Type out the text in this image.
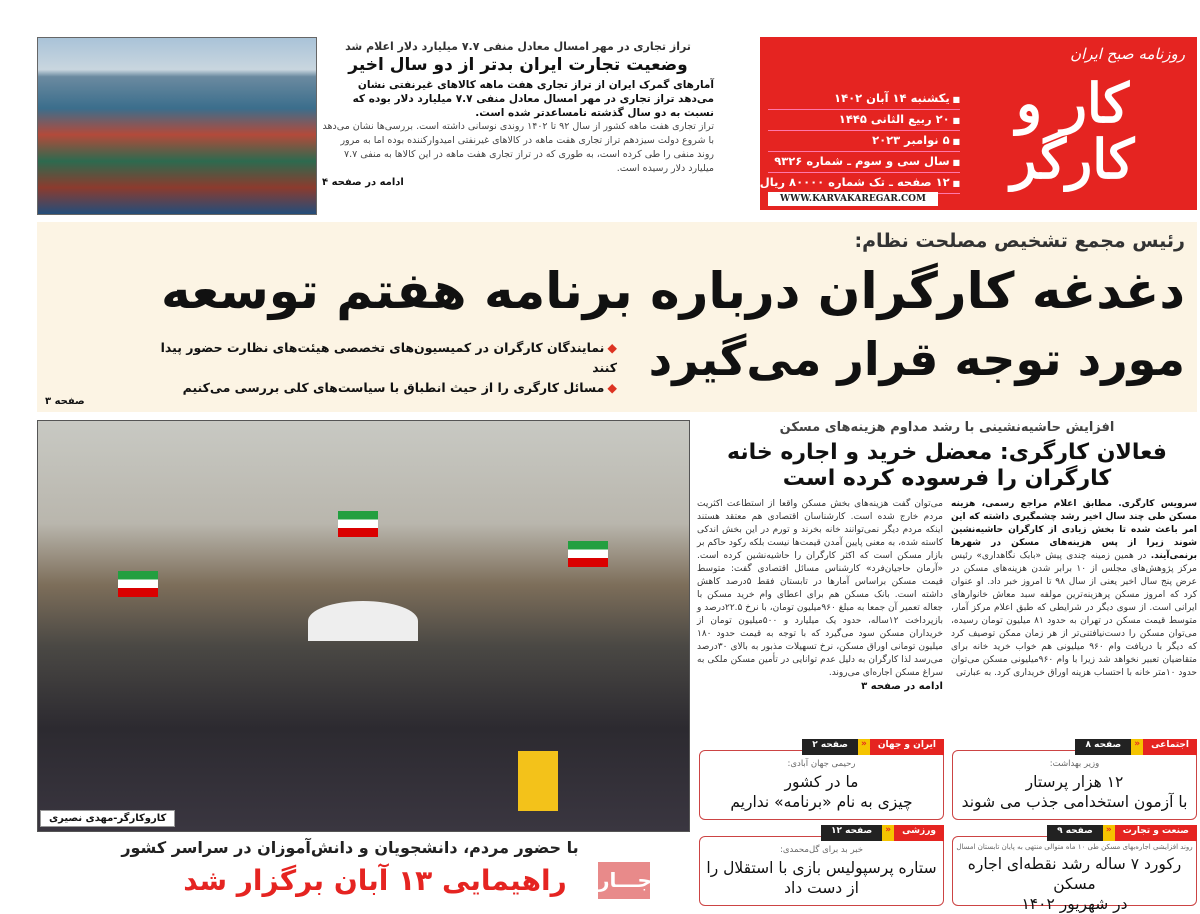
تراز تجاری در مهر امسال معادل منفی ۷.۷ میلیارد دلار اعلام شد
وضعیت تجارت ایران بدتر از دو سال اخیر
آمارهای گمرک ایران از تراز تجاری هفت ماهه کالاهای غیرنفتی نشان می‌دهد تراز تجاری در مهر امسال معادل منفی ۷.۷ میلیارد دلار بوده که نسبت به دو سال گذشته نامساعدتر شده است.
تراز تجاری هفت ماهه کشور از سال ۹۲ تا ۱۴۰۲ روندی نوسانی داشته است. بررسی‌ها نشان می‌دهد با شروع دولت سیزدهم تراز تجاری هفت ماهه در کالاهای غیرنفتی امیدوارکننده بوده اما به مرور روند منفی را طی کرده است، به طوری که در تراز تجاری هفت ماهه در این کالاها به منفی ۷.۷ میلیارد دلار رسیده است.
ادامه در صفحه ۴
روزنامه صبح ایران
کار و کارگر
■ یکشنبه ۱۴ آبان ۱۴۰۲
■ ۲۰ ربیع الثانی ۱۴۴۵
■ ۵ نوامبر ۲۰۲۳
■ سال سی و سوم ـ شماره ۹۳۲۶
■ ۱۲ صفحه ـ تک شماره ۸۰۰۰۰ ریال
WWW.KARVAKAREGAR.COM
رئیس مجمع تشخیص مصلحت نظام:
دغدغه کارگران درباره برنامه هفتم توسعه
مورد توجه قرار می‌گیرد
◆نمایندگان کارگران در کمیسیون‌های تخصصی هیئت‌های نظارت حضور پیدا کنند
◆مسائل کارگری را از حیث انطباق با سیاست‌های کلی بررسی می‌کنیم
صفحه ۳
کاروکارگر-مهدی نصیری
با حضور مردم، دانشجویان و دانش‌آموزان در سراسر کشور
راهیمایی ۱۳ آبان برگزار شد	جـــار
افزایش حاشیه‌نشینی با رشد مداوم هزینه‌های مسکن
فعالان کارگری: معضل خرید و اجاره خانه
کارگران را فرسوده کرده است
سرویس کارگری. مطابق اعلام مراجع رسمی، هزینه مسکن طی چند سال اخیر رشد چشمگیری داشته که این امر باعث شده تا بخش زیادی از کارگران حاشیه‌نشین شوند زیرا از پس هزینه‌های مسکن در شهرها برنمی‌آیند. در همین زمینه چندی پیش «بابک نگاهداری» رئیس مرکز پژوهش‌های مجلس از ۱۰ برابر شدن هزینه‌های مسکن در عرض پنج سال اخیر یعنی از سال ۹۸ تا امروز خبر داد. او عنوان کرد که امروز مسکن پرهزینه‌ترین مولفه سبد معاش خانوارهای ایرانی است. از سوی دیگر در شرایطی که طبق اعلام مرکز آمار، متوسط قیمت مسکن در تهران به حدود ۸۱ میلیون تومان رسیده، می‌توان مسکن را دست‌نیافتنی‌تر از هر زمان ممکن توصیف کرد که دیگر با دریافت وام ۹۶۰ میلیونی هم خواب خرید خانه برای متقاضیان تعبیر نخواهد شد زیرا با وام ۹۶۰میلیونی مسکن می‌توان حدود ۱۰متر خانه با احتساب هزینه اوراق خریداری کرد. به عبارتی
می‌توان گفت هزینه‌های بخش مسکن واقعا از استطاعت اکثریت مردم خارج شده است. کارشناسان اقتصادی هم معتقد هستند اینکه مردم دیگر نمی‌توانند خانه بخرند و تورم در این بخش اندکی کاسته شده، به معنی پایین آمدن قیمت‌ها نیست بلکه رکود حاکم بر بازار مسکن است که اکثر کارگران را حاشیه‌نشین کرده است. «آرمان حاجیان‌فرد» کارشناس مسائل اقتصادی گفت: متوسط قیمت مسکن براساس آمارها در تابستان فقط ۵درصد کاهش داشته است. بانک مسکن هم برای اعطای وام خرید مسکن با جعاله تعمیر آن جمعا به مبلغ ۹۶۰میلیون تومان، با نرخ ۲۲.۵درصد و بازپرداخت ۱۲ساله، حدود یک میلیارد و ۵۰۰میلیون تومان از خریداران مسکن سود می‌گیرد که با توجه به قیمت حدود ۱۸۰ میلیون تومانی اوراق مسکن، نرخ تسهیلات مذبور به بالای ۳۰درصد می‌رسد لذا کارگران به دلیل عدم توانایی در تأمین مسکن ملکی به سراغ مسکن اجاره‌ای می‌روند.
ادامه در صفحه ۳
اجتماعی
«
صفحه ۸
وزیر بهداشت:
۱۲ هزار پرستار
با آزمون استخدامی جذب می شوند
ایران و جهان
«
صفحه ۲
رحیمی جهان آبادی:
ما در کشور
چیزی به نام «برنامه» نداریم
صنعت و تجارت
«
صفحه ۹
روند افزایشی اجاره‌بهای مسکن طی ۱۰ ماه متوالی منتهی به پایان تابستان امسال
رکورد ۷ ساله رشد نقطه‌ای اجاره مسکن
در شهریور ۱۴۰۲
ورزشی
«
صفحه ۱۲
خبر بد برای گل‌محمدی:
ستاره پرسپولیس بازی با استقلال را
از دست داد
